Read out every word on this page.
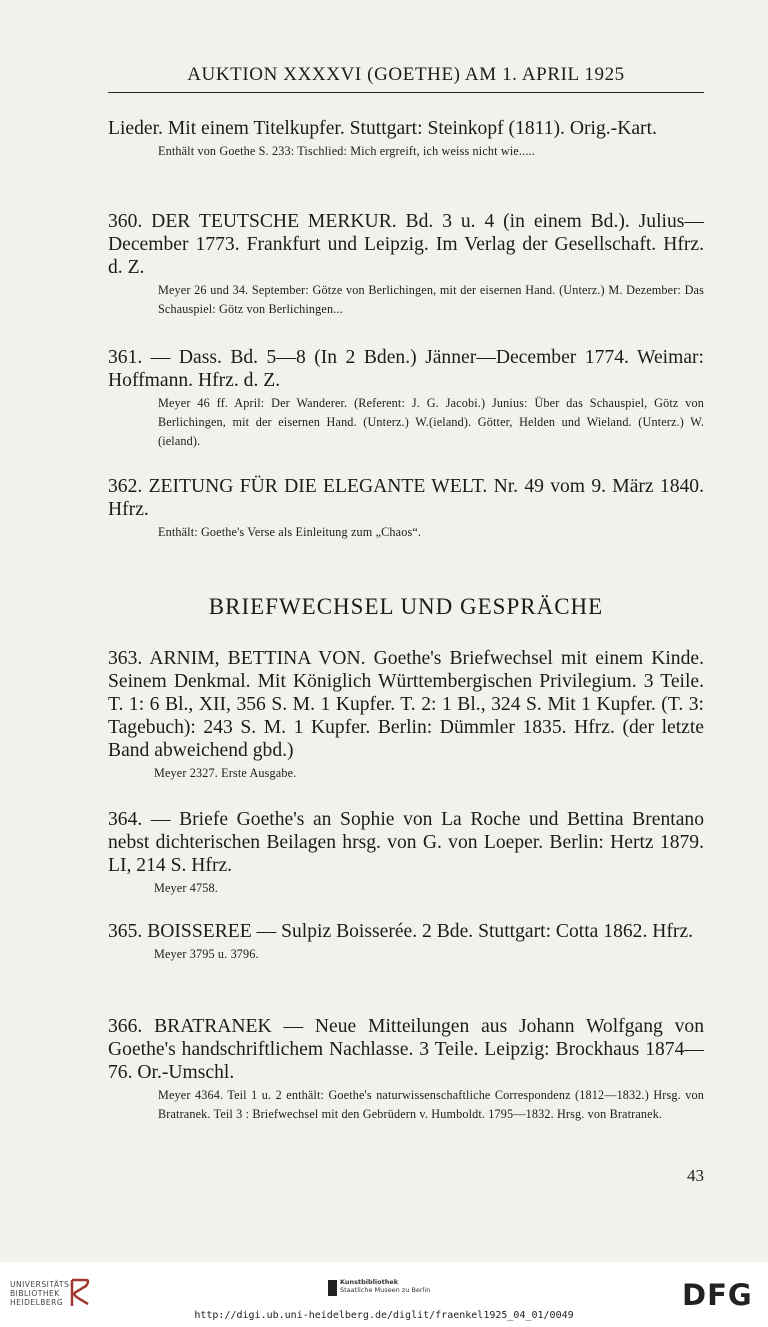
AUKTION XXXXVI (GOETHE) AM 1. APRIL 1925
Lieder. Mit einem Titelkupfer. Stuttgart: Steinkopf (1811). Orig.-Kart.
Enthält von Goethe S. 233: Tischlied: Mich ergreift, ich weiss nicht wie.....
360. DER TEUTSCHE MERKUR. Bd. 3 u. 4 (in einem Bd.). Julius—December 1773. Frankfurt und Leipzig. Im Verlag der Gesellschaft. Hfrz. d. Z.
Meyer 26 und 34. September: Götze von Berlichingen, mit der eisernen Hand. (Unterz.) M. Dezember: Das Schauspiel: Götz von Berlichingen...
361. — Dass. Bd. 5—8 (In 2 Bden.) Jänner—December 1774. Weimar: Hoffmann. Hfrz. d. Z.
Meyer 46 ff. April: Der Wanderer. (Referent: J. G. Jacobi.) Junius: Über das Schauspiel, Götz von Berlichingen, mit der eisernen Hand. (Unterz.) W.(ieland). Götter, Helden und Wieland. (Unterz.) W.(ieland).
362. ZEITUNG FÜR DIE ELEGANTE WELT. Nr. 49 vom 9. März 1840. Hfrz.
Enthält: Goethe's Verse als Einleitung zum „Chaos“.
BRIEFWECHSEL UND GESPRÄCHE
363. ARNIM, BETTINA VON. Goethe's Briefwechsel mit einem Kinde. Seinem Denkmal. Mit Königlich Württembergischen Privilegium. 3 Teile. T. 1: 6 Bl., XII, 356 S. M. 1 Kupfer. T. 2: 1 Bl., 324 S. Mit 1 Kupfer. (T. 3: Tagebuch): 243 S. M. 1 Kupfer. Berlin: Dümmler 1835. Hfrz. (der letzte Band abweichend gbd.)
Meyer 2327. Erste Ausgabe.
364. — Briefe Goethe's an Sophie von La Roche und Bettina Brentano nebst dichterischen Beilagen hrsg. von G. von Loeper. Berlin: Hertz 1879. LI, 214 S. Hfrz.
Meyer 4758.
365. BOISSEREE — Sulpiz Boisserée. 2 Bde. Stuttgart: Cotta 1862. Hfrz.
Meyer 3795 u. 3796.
366. BRATRANEK — Neue Mitteilungen aus Johann Wolfgang von Goethe's handschriftlichem Nachlasse. 3 Teile. Leipzig: Brockhaus 1874—76. Or.-Umschl.
Meyer 4364. Teil 1 u. 2 enthält: Goethe's naturwissenschaftliche Correspondenz (1812—1832.) Hrsg. von Bratranek. Teil 3 : Briefwechsel mit den Gebrüdern v. Humboldt. 1795—1832. Hrsg. von Bratranek.
43
UNIVERSITÄTS-
BIBLIOTHEK
HEIDELBERG
Kunstbibliothek
Staatliche Museen zu Berlin	DFG
http://digi.ub.uni-heidelberg.de/diglit/fraenkel1925_04_01/0049
